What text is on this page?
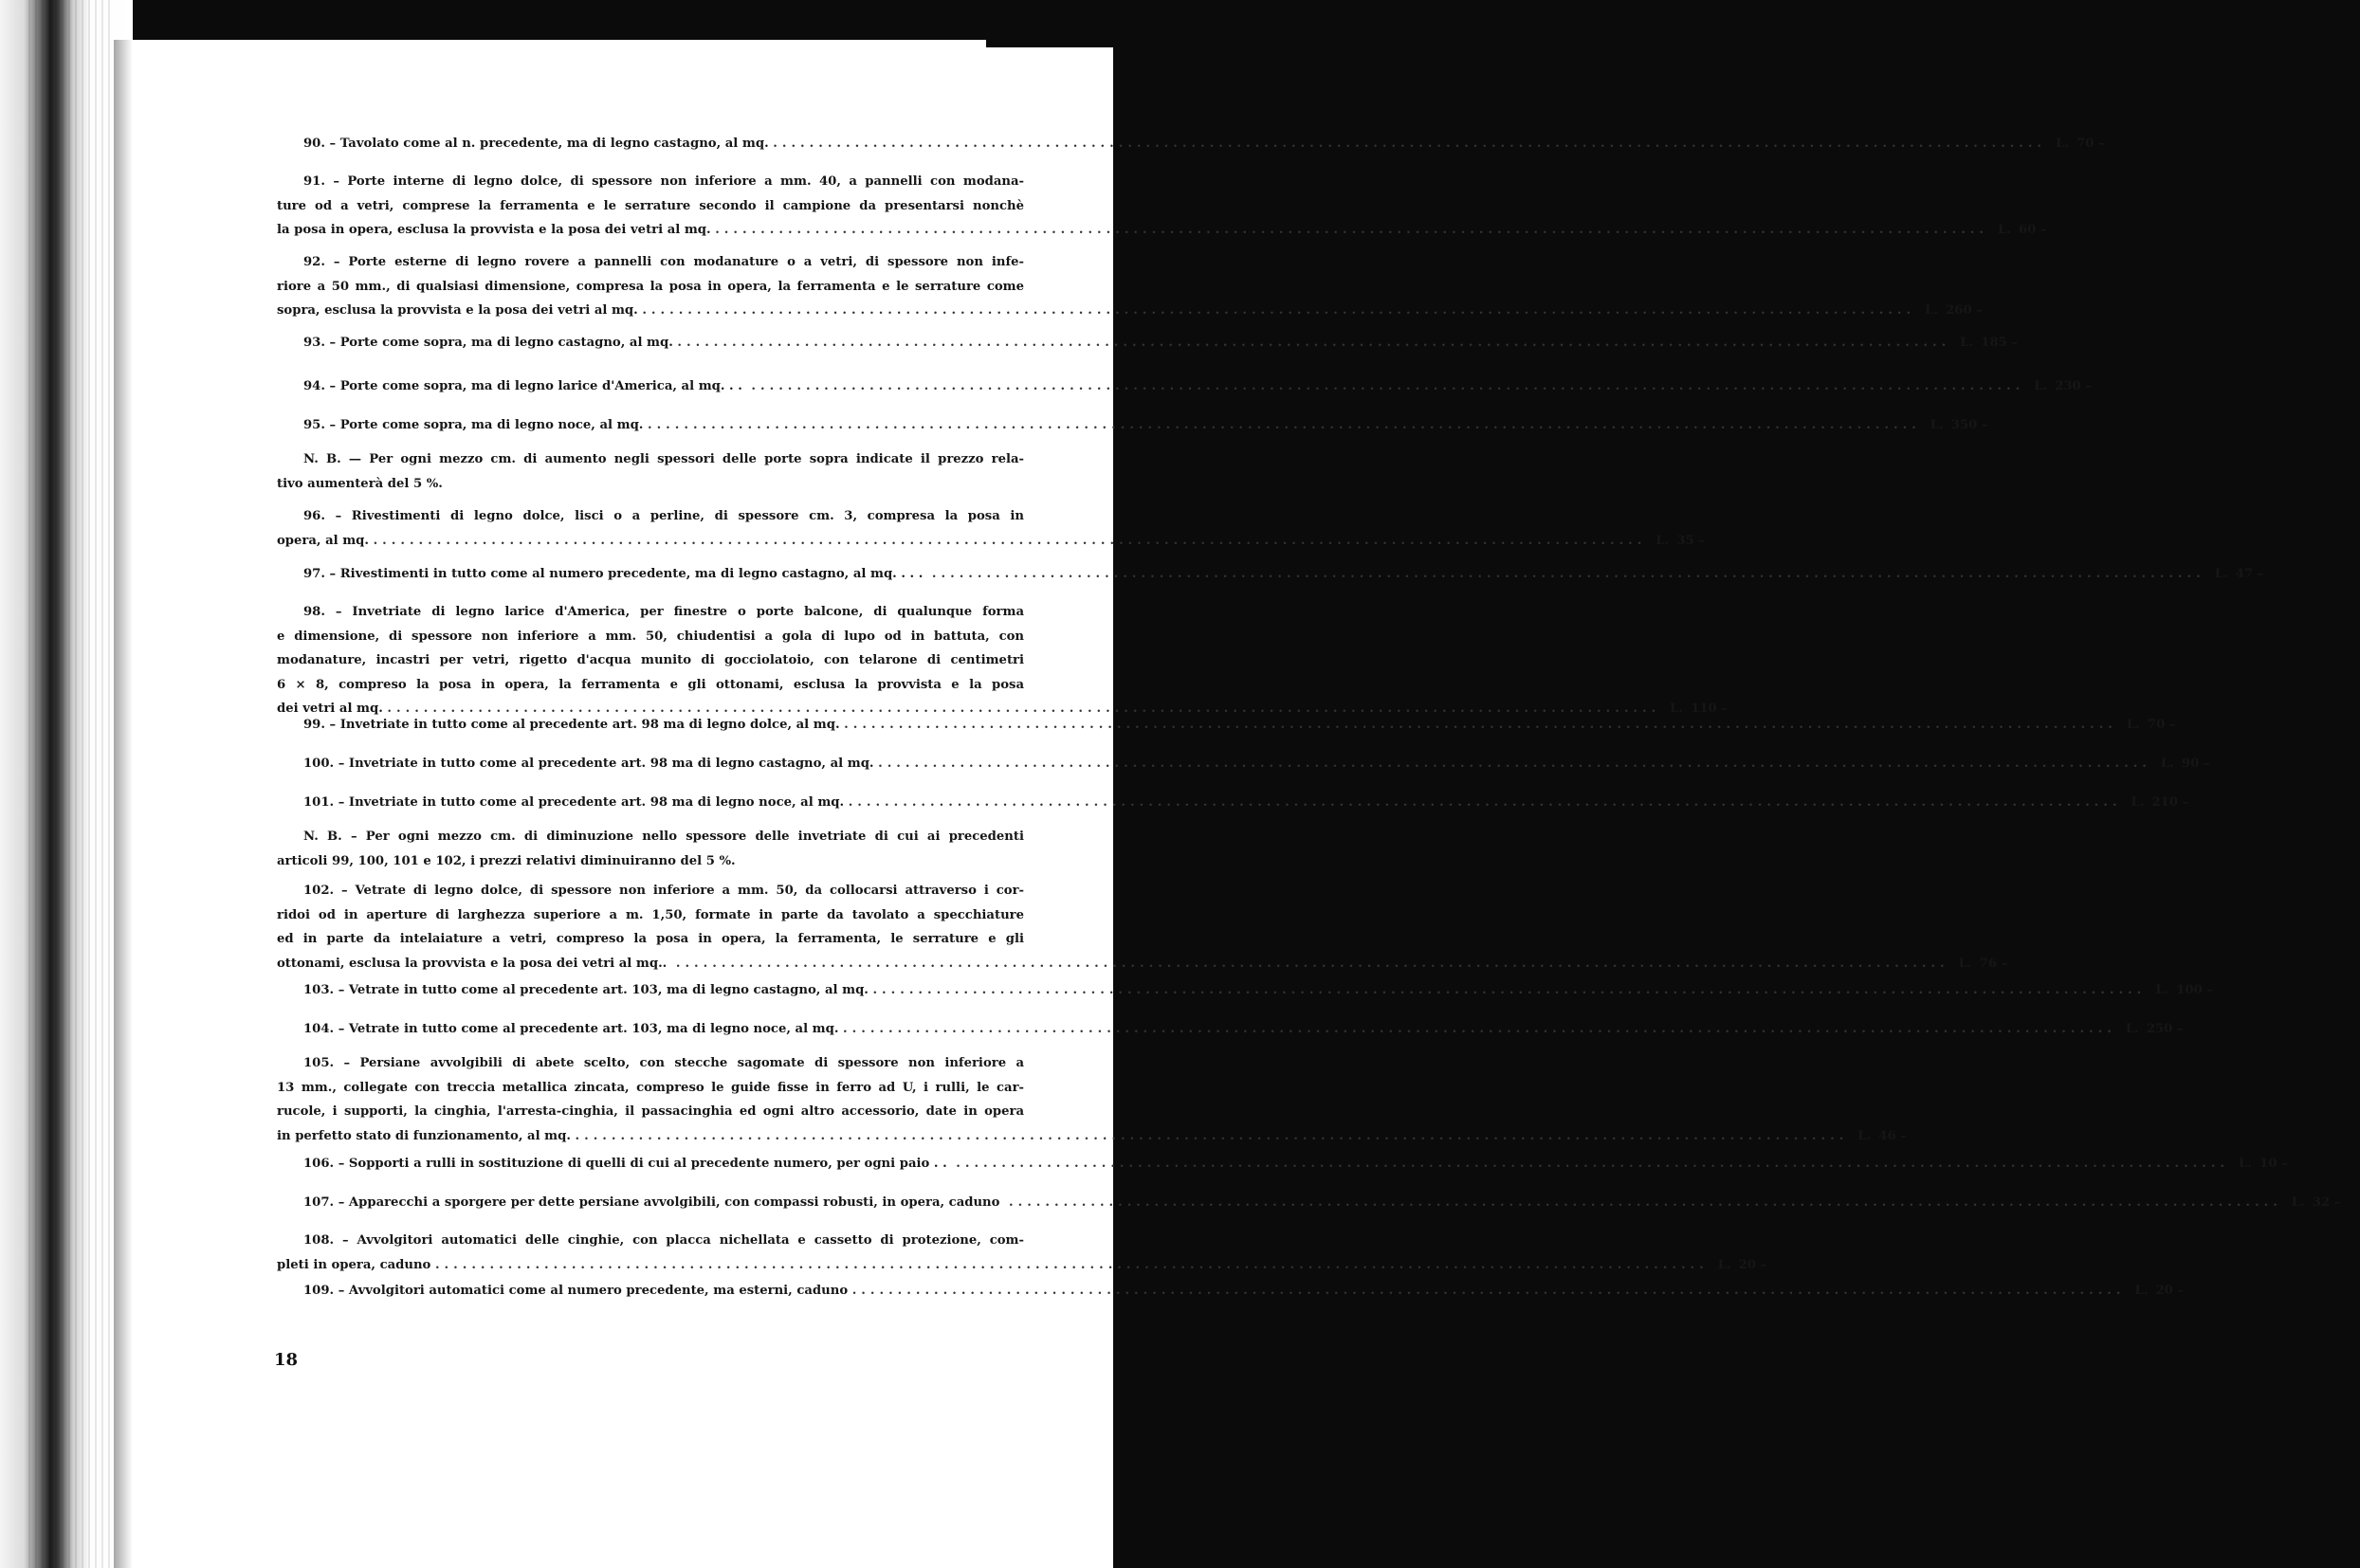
90. – Tavolato come al n. precedente, ma di legno castagno, al mq. ............................................................................................................................................ L. 70 –
91. – Porte interne di legno dolce, di spessore non inferiore a mm. 40, a pannelli con modana-
ture od a vetri, comprese la ferramenta e le serrature secondo il campione da presentarsi nonchè
la posa in opera, esclusa la provvista e la posa dei vetri al mq. ............................................................................................................................................ L. 60 –
92. – Porte esterne di legno rovere a pannelli con modanature o a vetri, di spessore non infe-
riore a 50 mm., di qualsiasi dimensione, compresa la posa in opera, la ferramenta e le serrature come
sopra, esclusa la provvista e la posa dei vetri al mq. ............................................................................................................................................ L. 260 –
93. – Porte come sopra, ma di legno castagno, al mq. ............................................................................................................................................ L. 185 –
94. – Porte come sopra, ma di legno larice d'America, al mq. . . ............................................................................................................................................ L. 230 –
95. – Porte come sopra, ma di legno noce, al mq. ............................................................................................................................................ L. 350 –
N. B. — Per ogni mezzo cm. di aumento negli spessori delle porte sopra indicate il prezzo rela-
tivo aumenterà del 5 %.
96. – Rivestimenti di legno dolce, lisci o a perline, di spessore cm. 3, compresa la posa in
opera, al mq. ............................................................................................................................................ L. 35 –
97. – Rivestimenti in tutto come al numero precedente, ma di legno castagno, al mq. . . . ............................................................................................................................................ L. 47 –
98. – Invetriate di legno larice d'America, per finestre o porte balcone, di qualunque forma
e dimensione, di spessore non inferiore a mm. 50, chiudentisi a gola di lupo od in battuta, con
modanature, incastri per vetri, rigetto d'acqua munito di gocciolatoio, con telarone di centimetri
6 × 8, compreso la posa in opera, la ferramenta e gli ottonami, esclusa la provvista e la posa
dei vetri al mq. ............................................................................................................................................ L. 110 –
99. – Invetriate in tutto come al precedente art. 98 ma di legno dolce, al mq. ............................................................................................................................................ L. 70 –
100. – Invetriate in tutto come al precedente art. 98 ma di legno castagno, al mq. ............................................................................................................................................ L. 90 –
101. – Invetriate in tutto come al precedente art. 98 ma di legno noce, al mq. ............................................................................................................................................ L. 210 –
N. B. – Per ogni mezzo cm. di diminuzione nello spessore delle invetriate di cui ai precedenti
articoli 99, 100, 101 e 102, i prezzi relativi diminuiranno del 5 %.
102. – Vetrate di legno dolce, di spessore non inferiore a mm. 50, da collocarsi attraverso i cor-
ridoi od in aperture di larghezza superiore a m. 1,50, formate in parte da tavolato a specchiature
ed in parte da intelaiature a vetri, compreso la posa in opera, la ferramenta, le serrature e gli
ottonami, esclusa la provvista e la posa dei vetri al mq.. ............................................................................................................................................ L. 76 –
103. – Vetrate in tutto come al precedente art. 103, ma di legno castagno, al mq. ............................................................................................................................................ L. 100 –
104. – Vetrate in tutto come al precedente art. 103, ma di legno noce, al mq. ............................................................................................................................................ L. 250 –
105. – Persiane avvolgibili di abete scelto, con stecche sagomate di spessore non inferiore a
13 mm., collegate con treccia metallica zincata, compreso le guide fisse in ferro ad U, i rulli, le car-
rucole, i supporti, la cinghia, l'arresta-cinghia, il passacinghia ed ogni altro accessorio, date in opera
in perfetto stato di funzionamento, al mq. ............................................................................................................................................ L. 46 –
106. – Sopporti a rulli in sostituzione di quelli di cui al precedente numero, per ogni paio . . ............................................................................................................................................ L. 10 –
107. – Apparecchi a sporgere per dette persiane avvolgibili, con compassi robusti, in opera, caduno ............................................................................................................................................ L. 32 –
108. – Avvolgitori automatici delle cinghie, con placca nichellata e cassetto di protezione, com-
pleti in opera, caduno ............................................................................................................................................ L. 20 –
109. – Avvolgitori automatici come al numero precedente, ma esterni, caduno ............................................................................................................................................ L. 20 –
18
